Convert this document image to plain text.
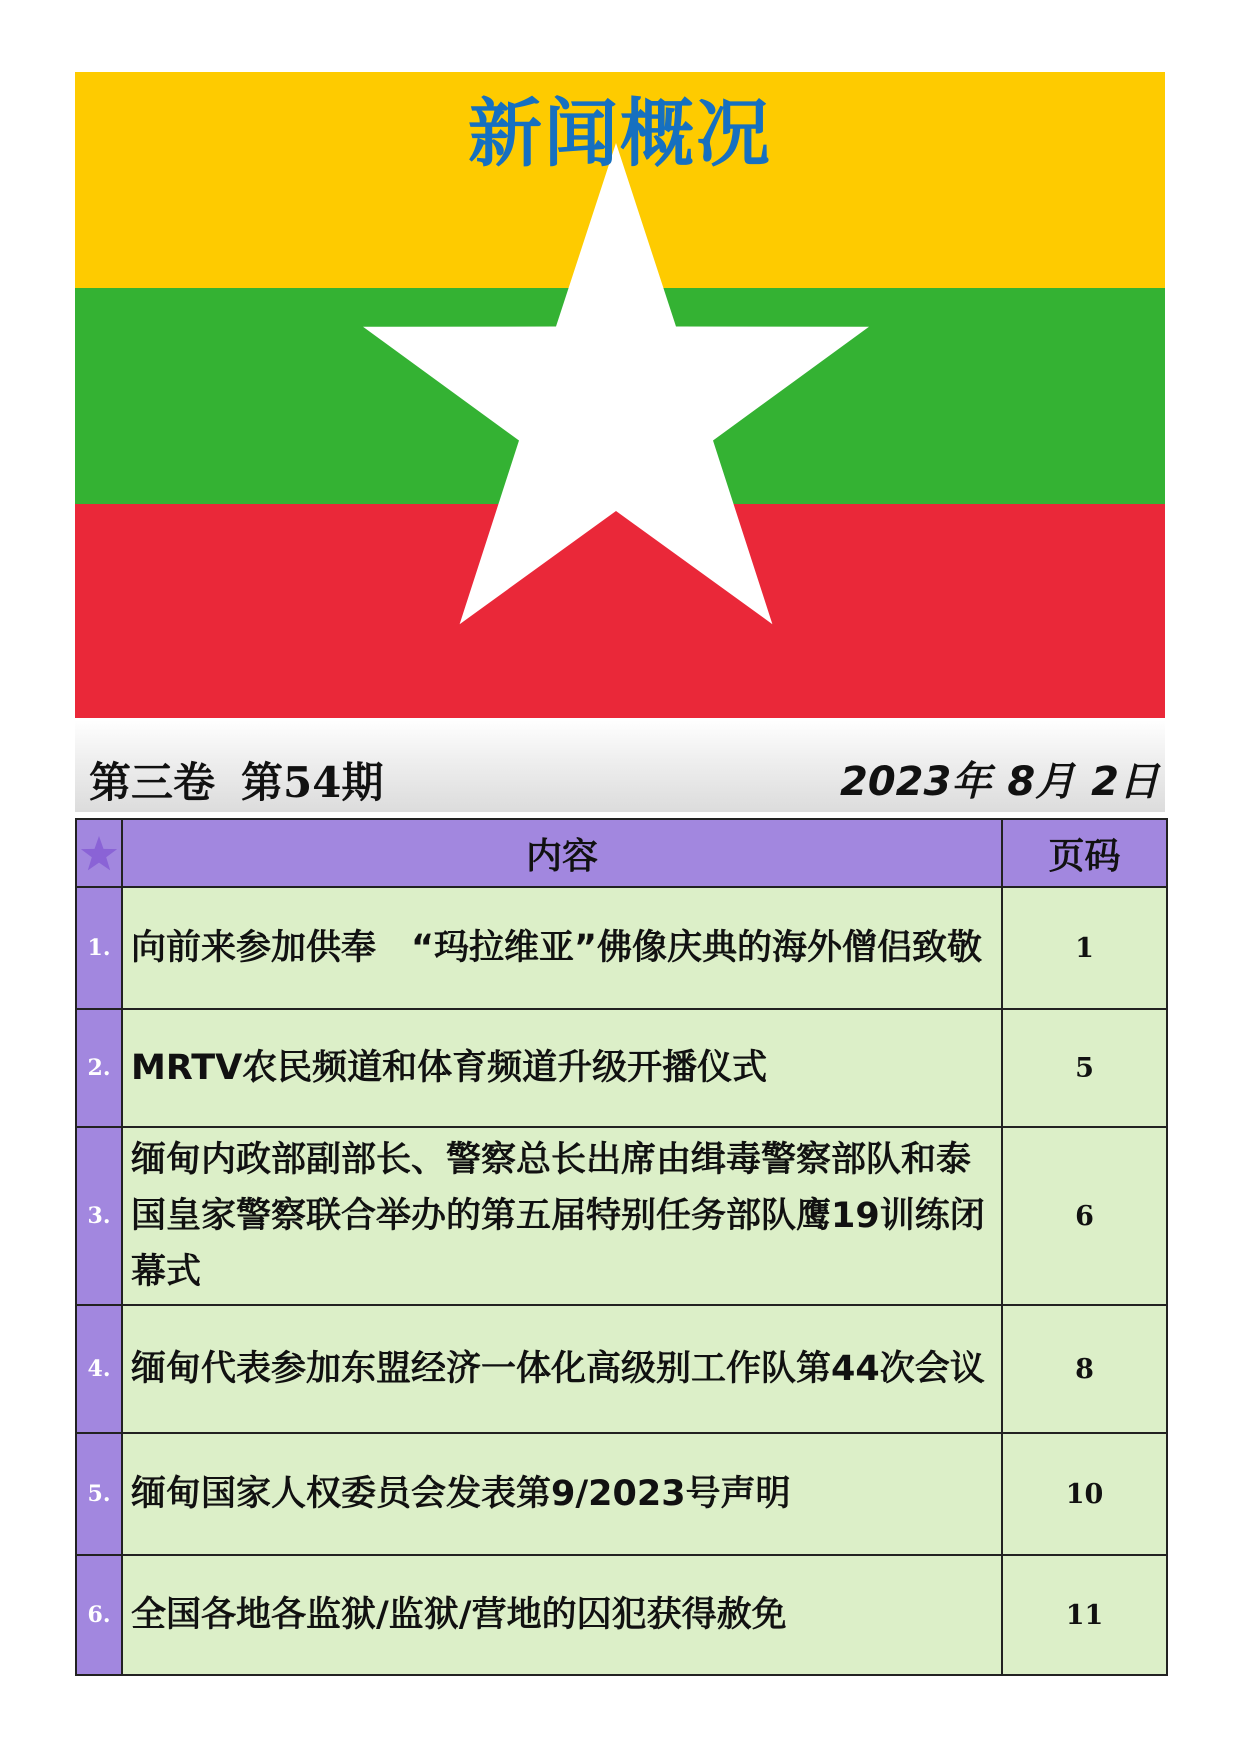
新闻概况
第三卷 第54期	2023年 8月 2日
	内容	页码
1.	向前来参加供奉　“玛拉维亚”佛像庆典的海外僧侣致敬	1
2.	MRTV农民频道和体育频道升级开播仪式	5
3.	缅甸内政部副部长、警察总长出席由缉毒警察部队和泰国皇家警察联合举办的第五届特别任务部队鹰19训练闭幕式	6
4.	缅甸代表参加东盟经济一体化高级别工作队第44次会议	8
5.	缅甸国家人权委员会发表第9/2023号声明	10
6.	全国各地各监狱/监狱/营地的囚犯获得赦免	11
